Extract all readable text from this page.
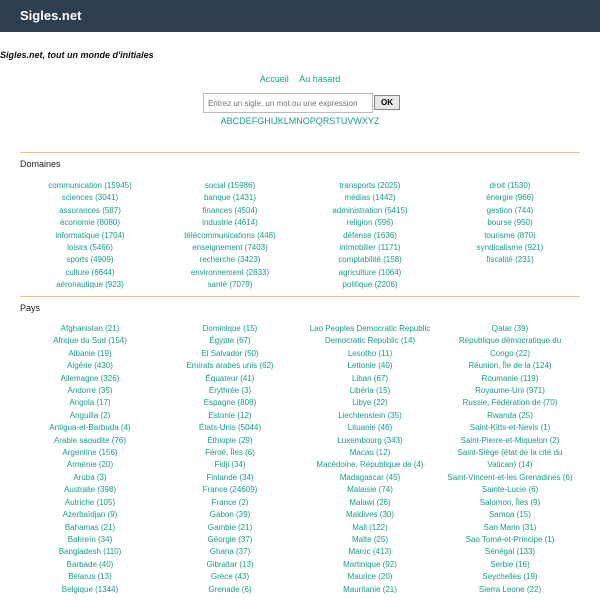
Sigles.net
Sigles.net, tout un monde d'initiales
Accueil Au hasard
Entrez un sigle, un mot ou une expression
OK
ABCDEFGHIJKLMNOPQRSTUVWXYZ
Domaines
communication (15945)
sciences (3041)
assurances (587)
économie (8080)
informatique (1704)
loisirs (5466)
sports (4909)
culture (6644)
aéronautique (923)
social (15986)
banque (1431)
finances (4504)
industrie (4614)
télécommunications (448)
enseignement (7403)
recherche (3423)
environnement (2833)
santé (7079)
transports (2025)
médias (1442)
administration (5415)
religion (596)
défense (1636)
immobilier (1171)
comptabilité (158)
agriculture (1064)
politique (2206)
droit (1530)
énergie (966)
gestion (744)
bourse (950)
tourisme (870)
syndicalisme (921)
fiscalité (231)
Pays
Afghanistan (21)
Afrique du Sud (154)
Albanie (19)
Algérie (430)
Allemagne (326)
Andorre (35)
Angola (17)
Anguilla (2)
Antigua-et-Barbuda (4)
Arabie saoudite (76)
Argentine (156)
Arménie (20)
Aruba (3)
Australie (398)
Autriche (105)
Azerbaïdjan (9)
Bahamas (21)
Bahreïn (34)
Bangladesh (110)
Barbade (40)
Bélarus (13)
Belgique (1344)
Dominique (15)
Égypte (67)
El Salvador (50)
Emirats arabes unis (62)
Équateur (41)
Érythrée (3)
Espagne (808)
Estonie (12)
États-Unis (5044)
Éthiopie (29)
Féroé, Îles (6)
Fidji (34)
Finlande (34)
France (24609)
France (2)
Gabon (39)
Gambie (21)
Géorgie (37)
Ghana (37)
Gibraltar (13)
Grèce (43)
Grenade (6)
Lao Peoples Democratic Republic
Democratic Republic (14)
Lesotho (11)
Lettonie (40)
Liban (67)
Libéria (15)
Libye (22)
Liechtenstein (35)
Lituanie (46)
Luxembourg (343)
Macau (12)
Macédoine, République de (4)
Madagascar (45)
Malaisie (74)
Malawi (26)
Maldives (30)
Mali (122)
Malte (25)
Maroc (413)
Martinique (92)
Maurice (20)
Mauritanie (21)
Qatar (39)
République démocratique du
Congo (22)
Réunion, Île de la (124)
Roumanie (119)
Royaume-Uni (971)
Russie, Fédération de (70)
Rwanda (25)
Saint-Kitts-et-Nevis (1)
Saint-Pierre-et-Miquelon (2)
Saint-Siège (état de la cité du
Vatican) (14)
Saint-Vincent-et-les Grenadines (6)
Sainte-Lucie (6)
Salomon, Îles (9)
Samoa (15)
San Marin (31)
Sao Tomé-et-Principe (1)
Sénégal (133)
Serbie (16)
Seychelles (19)
Sierra Leone (22)
